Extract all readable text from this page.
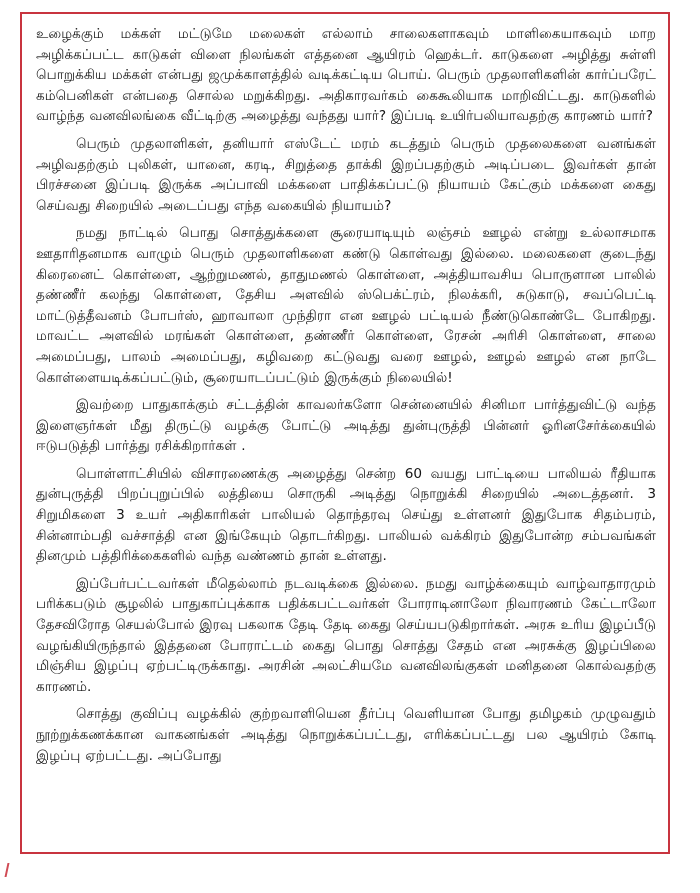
உழைக்கும் மக்கள் மட்டுமே மலைகள் எல்லாம் சாலைகளாகவும் மாளிகையாகவும் மாற அழிக்கப்பட்ட காடுகள் விளை நிலங்கள் எத்தனை ஆயிரம் ஹெக்டர். காடுகளை அழித்து சுள்ளி பொறுக்கிய மக்கள் என்பது ஜமுக்காளத்தில் வடிக்கட்டிய பொய். பெரும் முதலாளிகளின் கார்ப்பரேட் கம்பெனிகள் என்பதை சொல்ல மறுக்கிறது. அதிகாரவர்கம் கைகூலியாக மாறிவிட்டது. காடுகளில் வாழ்ந்த வனவிலங்கை வீட்டிற்கு அழைத்து வந்தது யார்? இப்படி உயிர்பலியாவதற்கு காரணம் யார்?

பெரும் முதலாளிகள், தனியார் எஸ்டேட் மரம் கடத்தும் பெரும் முதலைகளை வனங்கள் அழிவதற்கும் புலிகள், யானை, கரடி, சிறுத்தை தாக்கி இறப்பதற்கும் அடிப்படை இவர்கள் தான் பிரச்சனை இப்படி இருக்க அப்பாவி மக்களை பாதிக்கப்பட்டு நியாயம் கேட்கும் மக்களை கைது செய்வது சிறையில் அடைப்பது எந்த வகையில் நியாயம்?

நமது நாட்டில் பொது சொத்துக்களை சூரையாடியும் லஞ்சம் ஊழல் என்று உல்லாசமாக ஊதாரிதனமாக வாழும் பெரும் முதலாளிகளை கண்டு கொள்வது இல்லை. மலைகளை குடைந்து கிரைனைட் கொள்ளை, ஆற்றுமணல், தாதுமணல் கொள்ளை, அத்தியாவசிய பொருளான பாலில் தண்ணீர் கலந்து கொள்ளை, தேசிய அளவில் ஸ்பெக்ட்ரம், நிலக்கரி, சுடுகாடு, சவப்பெட்டி மாட்டுத்தீவனம் போபர்ஸ், ஹாவாலா முந்திரா என ஊழல் பட்டியல் நீண்டுகொண்டே போகிறது. மாவட்ட அளவில் மரங்கள் கொள்ளை, தண்ணீர் கொள்ளை, ரேசன் அரிசி கொள்ளை, சாலை அமைப்பது, பாலம் அமைப்பது, கழிவறை கட்டுவது வரை ஊழல், ஊழல் ஊழல் என நாடே கொள்ளையடிக்கப்பட்டும், சூரையாடப்பட்டும் இருக்கும் நிலையில்!

இவற்றை பாதுகாக்கும் சட்டத்தின் காவலர்களோ சென்னையில் சினிமா பார்த்துவிட்டு வந்த இளைஞர்கள் மீது திருட்டு வழக்கு போட்டு அடித்து துன்புருத்தி பின்னர் ஓரினசேர்க்கையில் ஈடுபடுத்தி பார்த்து ரசிக்கிறார்கள் .

பொள்ளாட்சியில் விசாரணைக்கு அழைத்து சென்ற 60 வயது பாட்டியை பாலியல் ரீதியாக துன்புருத்தி பிறப்புறுப்பில் லத்தியை சொருகி அடித்து நொறுக்கி சிறையில் அடைத்தனர். 3 சிறுமிகளை 3 உயர் அதிகாரிகள் பாலியல் தொந்தரவு செய்து உள்ளனர் இதுபோக சிதம்பரம், சின்னாம்பதி வச்சாத்தி என இங்கேயும் தொடர்கிறது. பாலியல் வக்கிரம் இதுபோன்ற சம்பவங்கள் தினமும் பத்திரிக்கைகளில் வந்த வண்ணம் தான் உள்ளது.

இப்பேர்பட்டவர்கள் மீதெல்லாம் நடவடிக்கை இல்லை. நமது வாழ்க்கையும் வாழ்வாதாரமும் பரிக்கபடும் சூழலில் பாதுகாப்புக்காக பதிக்கபட்டவர்கள் போராடினாலோ நிவாரணம் கேட்டாலோ தேசவிரோத செயல்போல் இரவு பகலாக தேடி தேடி கைது செய்யபடுகிறார்கள். அரசு உரிய இழப்பீடு வழங்கியிருந்தால் இத்தனை போராட்டம் கைது பொது சொத்து சேதம் என அரசுக்கு இழப்பிலை மிஞ்சிய இழப்பு ஏற்பட்டிருக்காது. அரசின் அலட்சியமே வனவிலங்குகள் மனிதனை கொல்வதற்கு காரணம்.

சொத்து குவிப்பு வழக்கில் குற்றவாளியென தீர்ப்பு வெளியான போது தமிழகம் முழுவதும் நூற்றுக்கணக்கான வாகனங்கள் அடித்து நொறுக்கப்பட்டது, எரிக்கப்பட்டது பல ஆயிரம் கோடி இழப்பு ஏற்பட்டது. அப்போது
